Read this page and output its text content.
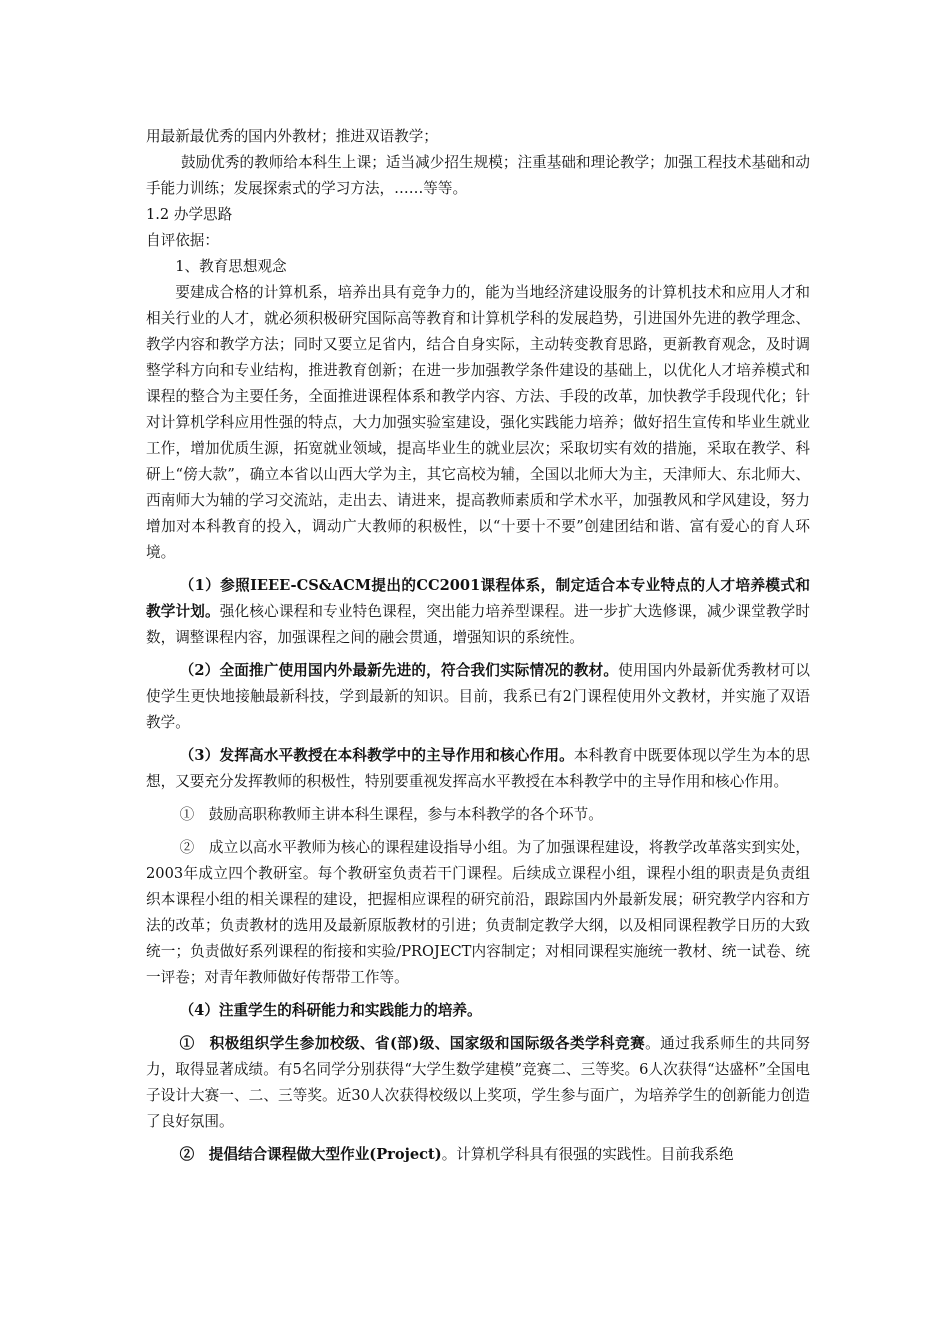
用最新最优秀的国内外教材；推进双语教学；

鼓励优秀的教师给本科生上课；适当减少招生规模；注重基础和理论教学；加强工程技术基础和动手能力训练；发展探索式的学习方法，……等等。

1.2 办学思路

自评依据：

1、教育思想观念

要建成合格的计算机系，培养出具有竞争力的，能为当地经济建设服务的计算机技术和应用人才和相关行业的人才，就必须积极研究国际高等教育和计算机学科的发展趋势，引进国外先进的教学理念、教学内容和教学方法；同时又要立足省内，结合自身实际，主动转变教育思路，更新教育观念，及时调整学科方向和专业结构，推进教育创新；在进一步加强教学条件建设的基础上，以优化人才培养模式和课程的整合为主要任务，全面推进课程体系和教学内容、方法、手段的改革，加快教学手段现代化；针对计算机学科应用性强的特点，大力加强实验室建设，强化实践能力培养；做好招生宣传和毕业生就业工作，增加优质生源，拓宽就业领域，提高毕业生的就业层次；采取切实有效的措施，采取在教学、科研上“傍大款”，确立本省以山西大学为主，其它高校为辅，全国以北师大为主，天津师大、东北师大、西南师大为辅的学习交流站，走出去、请进来，提高教师素质和学术水平，加强教风和学风建设，努力增加对本科教育的投入，调动广大教师的积极性，以“十要十不要”创建团结和谐、富有爱心的育人环境。

（1）参照IEEE-CS&ACM提出的CC2001课程体系，制定适合本专业特点的人才培养模式和教学计划。强化核心课程和专业特色课程，突出能力培养型课程。进一步扩大选修课，减少课堂教学时数，调整课程内容，加强课程之间的融会贯通，增强知识的系统性。

（2）全面推广使用国内外最新先进的，符合我们实际情况的教材。使用国内外最新优秀教材可以使学生更快地接触最新科技，学到最新的知识。目前，我系已有2门课程使用外文教材，并实施了双语教学。

（3）发挥高水平教授在本科教学中的主导作用和核心作用。本科教育中既要体现以学生为本的思想，又要充分发挥教师的积极性，特别要重视发挥高水平教授在本科教学中的主导作用和核心作用。

①　鼓励高职称教师主讲本科生课程，参与本科教学的各个环节。

②　成立以高水平教师为核心的课程建设指导小组。为了加强课程建设，将教学改革落实到实处，2003年成立四个教研室。每个教研室负责若干门课程。后续成立课程小组，课程小组的职责是负责组织本课程小组的相关课程的建设，把握相应课程的研究前沿，跟踪国内外最新发展；研究教学内容和方法的改革；负责教材的选用及最新原版教材的引进；负责制定教学大纲，以及相同课程教学日历的大致统一；负责做好系列课程的衔接和实验/PROJECT内容制定；对相同课程实施统一教材、统一试卷、统一评卷；对青年教师做好传帮带工作等。

（4）注重学生的科研能力和实践能力的培养。

①　积极组织学生参加校级、省(部)级、国家级和国际级各类学科竞赛。通过我系师生的共同努力，取得显著成绩。有5名同学分别获得“大学生数学建模”竞赛二、三等奖。6人次获得“达盛杯”全国电子设计大赛一、二、三等奖。近30人次获得校级以上奖项，学生参与面广，为培养学生的创新能力创造了良好氛围。

②　提倡结合课程做大型作业(Project)。计算机学科具有很强的实践性。目前我系绝
